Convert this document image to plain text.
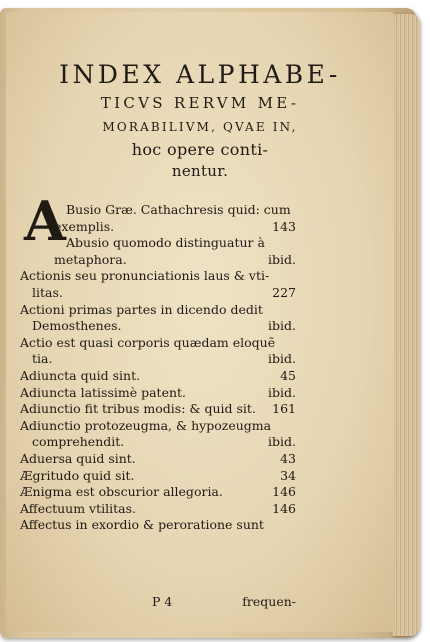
INDEX ALPHABE-
TICVS RERVM ME-
MORABILIVM, QVAE IN,
hoc opere conti-
nentur.
A Busio Græ. Cathachresis quid: cum
exemplis.	143
Abusio quomodo distinguatur à
metaphora.	ibid.
Actionis seu pronunciationis laus & vti-
litas.	227
Actioni primas partes in dicendo dedit
Demosthenes.	ibid.
Actio est quasi corporis quædam eloquẽ
tia.	ibid.
Adiuncta quid sint.	45
Adiuncta latissimè patent.	ibid.
Adiunctio fit tribus modis: & quid sit. 161
Adiunctio protozeugma, & hypozeugma
comprehendit.	ibid.
Aduersa quid sint.	43
Ægritudo quid sit.	34
Ænigma est obscurior allegoria.	146
Affectuum vtilitas.	146
Affectus in exordio & peroratione sunt
P 4	frequen-
